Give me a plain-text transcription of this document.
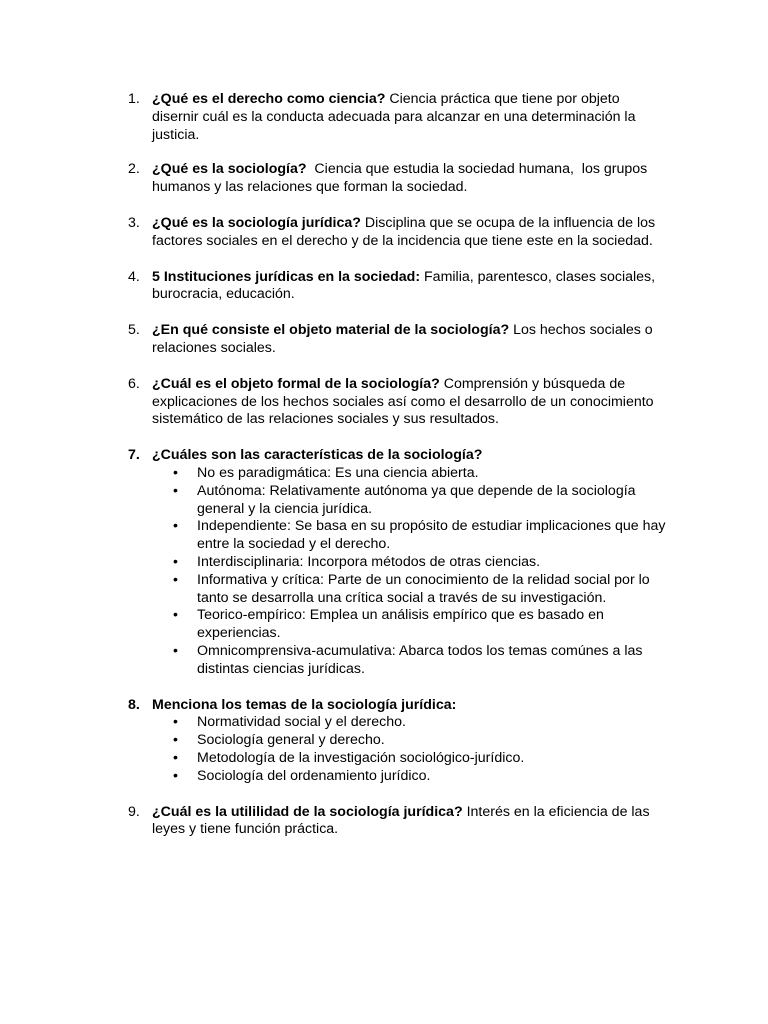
1. ¿Qué es el derecho como ciencia? Ciencia práctica que tiene por objeto disernir cuál es la conducta adecuada para alcanzar en una determinación la justicia.
2. ¿Qué es la sociología?  Ciencia que estudia la sociedad humana,  los grupos humanos y las relaciones que forman la sociedad.
3. ¿Qué es la sociología jurídica? Disciplina que se ocupa de la influencia de los factores sociales en el derecho y de la incidencia que tiene este en la sociedad.
4. 5 Instituciones jurídicas en la sociedad: Familia, parentesco, clases sociales, burocracia, educación.
5. ¿En qué consiste el objeto material de la sociología? Los hechos sociales o relaciones sociales.
6. ¿Cuál es el objeto formal de la sociología? Comprensión y búsqueda de explicaciones de los hechos sociales así como el desarrollo de un conocimiento sistemático de las relaciones sociales y sus resultados.
7. ¿Cuáles son las características de la sociología?
• No es paradigmática: Es una ciencia abierta.
• Autónoma: Relativamente autónoma ya que depende de la sociología general y la ciencia jurídica.
• Independiente: Se basa en su propósito de estudiar implicaciones que hay entre la sociedad y el derecho.
• Interdisciplinaria: Incorpora métodos de otras ciencias.
• Informativa y crítica: Parte de un conocimiento de la relidad social por lo tanto se desarrolla una crítica social a través de su investigación.
• Teorico-empírico: Emplea un análisis empírico que es basado en experiencias.
• Omnicomprensiva-acumulativa: Abarca todos los temas comúnes a las distintas ciencias jurídicas.
8. Menciona los temas de la sociología jurídica:
• Normatividad social y el derecho.
• Sociología general y derecho.
• Metodología de la investigación sociológico-jurídico.
• Sociología del ordenamiento jurídico.
9. ¿Cuál es la utililidad de la sociología jurídica? Interés en la eficiencia de las leyes y tiene función práctica.
